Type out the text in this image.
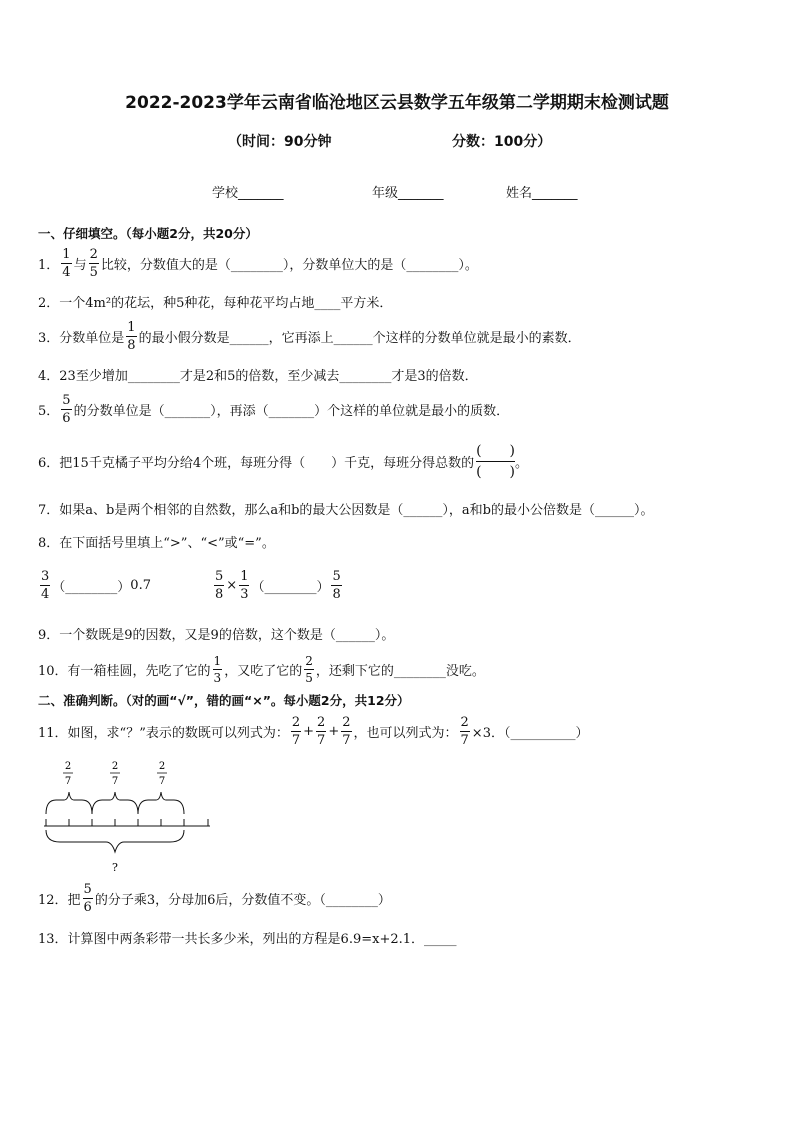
2022-2023学年云南省临沧地区云县数学五年级第二学期期末检测试题
（时间：90分钟	分数：100分）
学校_______	年级_______	姓名_______
一、仔细填空。（每小题2分，共20分）
1． $\frac{1}{4}$ 与 $\frac{2}{5}$ 比较，分数值大的是（________），分数单位大的是（________）。
2．一个4m²的花坛，种5种花，每种花平均占地____平方米．
3．分数单位是 $\frac{1}{8}$ 的最小假分数是______，它再添上______个这样的分数单位就是最小的素数．
4．23至少增加________才是2和5的倍数，至少减去________才是3的倍数．
5． $\frac{5}{6}$ 的分数单位是（_______），再添（_______）个这样的单位就是最小的质数．
6．把15千克橘子平均分给4个班，每班分得（　　）千克，每班分得总数的 $\frac{( )}{( )}$ 。
7．如果a、b是两个相邻的自然数，那么a和b的最大公因数是（______），a和b的最小公倍数是（______）。
8．在下面括号里填上“>”、“<”或“=”。
$\frac{3}{4}$ （________） 0.7	$\frac{5}{8} \times \frac{1}{3}$ （________） $\frac{5}{8}$
9．一个数既是9的因数，又是9的倍数，这个数是（______）。
10．有一箱桂圆，先吃了它的 $\frac{1}{3}$ ，又吃了它的 $\frac{2}{5}$ ，还剩下它的________没吃。
二、准确判断。（对的画“√”，错的画“×”。每小题2分，共12分）
11．如图，求“？”表示的数既可以列式为： $\frac{2}{7} + \frac{2}{7} + \frac{2}{7}$ ，也可以列式为： $\frac{2}{7} \times 3$．（__________）
2
7
2
7
2
7
?
12．把 $\frac{5}{6}$ 的分子乘3，分母加6后，分数值不变。（________）
13．计算图中两条彩带一共长多少米，列出的方程是6.9=x+2.1．_____
